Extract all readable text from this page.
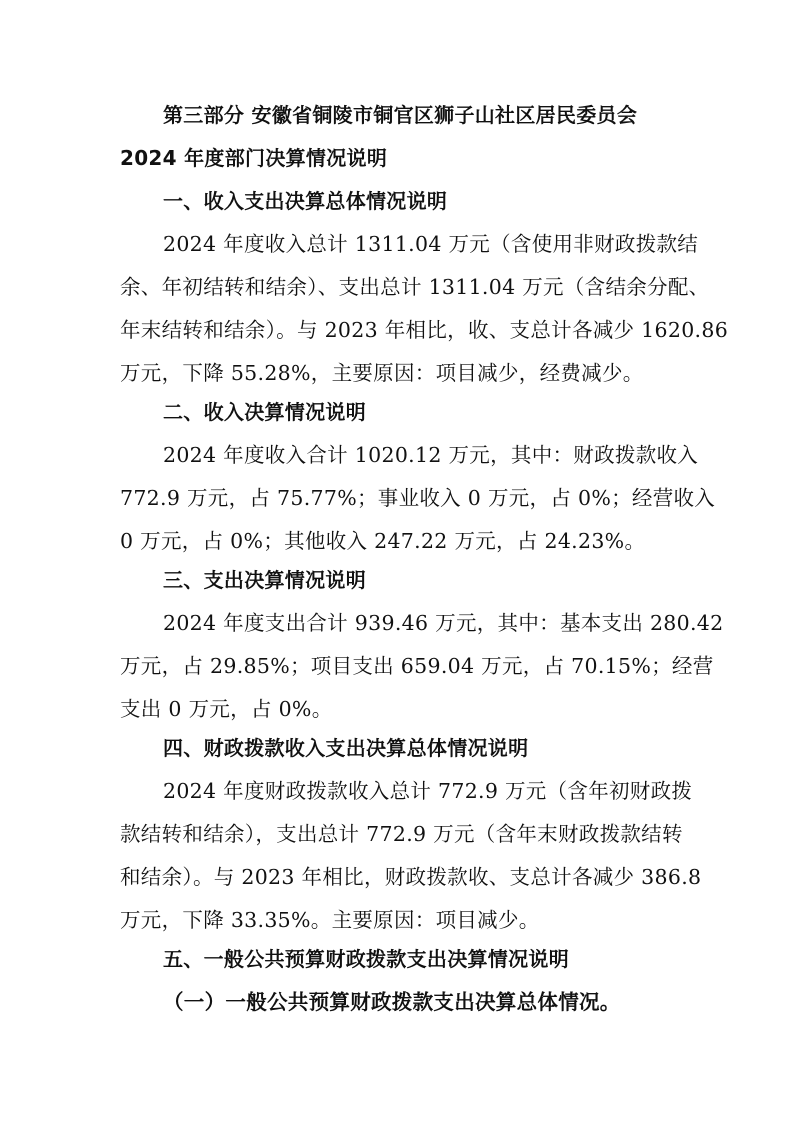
第三部分 安徽省铜陵市铜官区狮子山社区居民委员会
2024 年度部门决算情况说明
一、收入支出决算总体情况说明
2024 年度收入总计 1311.04 万元（含使用非财政拨款结
余、年初结转和结余）、支出总计 1311.04 万元（含结余分配、
年末结转和结余）。与 2023 年相比，收、支总计各减少 1620.86
万元，下降 55.28%，主要原因：项目减少，经费减少。
二、收入决算情况说明
2024 年度收入合计 1020.12 万元，其中：财政拨款收入
772.9 万元，占 75.77%；事业收入 0 万元，占 0%；经营收入
0 万元，占 0%；其他收入 247.22 万元，占 24.23%。
三、支出决算情况说明
2024 年度支出合计 939.46 万元，其中：基本支出 280.42
万元，占 29.85%；项目支出 659.04 万元，占 70.15%；经营
支出 0 万元，占 0%。
四、财政拨款收入支出决算总体情况说明
2024 年度财政拨款收入总计 772.9 万元（含年初财政拨
款结转和结余），支出总计 772.9 万元（含年末财政拨款结转
和结余）。与 2023 年相比，财政拨款收、支总计各减少 386.8
万元，下降 33.35%。主要原因：项目减少。
五、一般公共预算财政拨款支出决算情况说明
（一）一般公共预算财政拨款支出决算总体情况。
